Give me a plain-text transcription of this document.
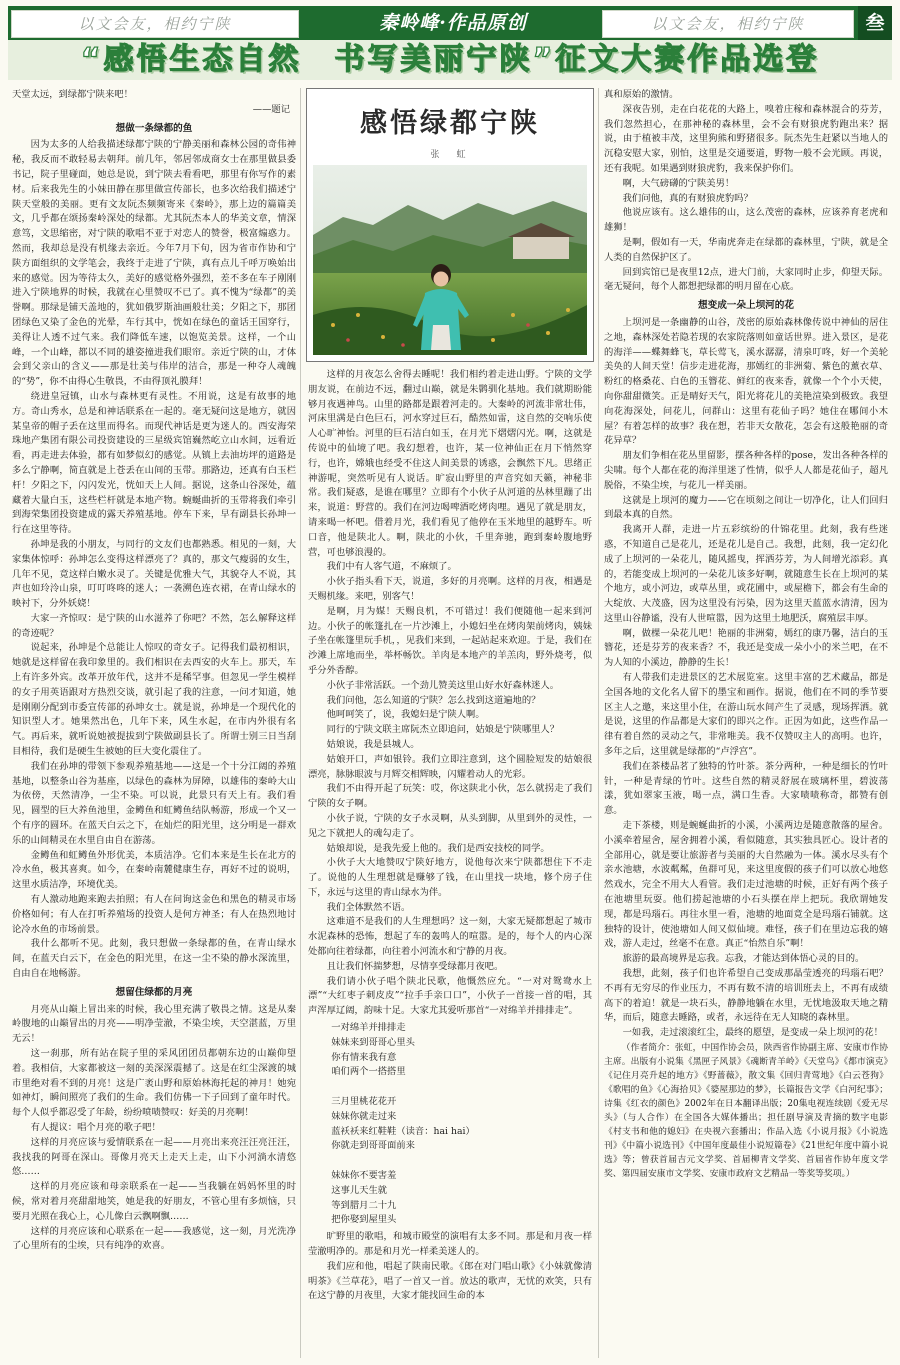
以文会友，相约宁陕	秦岭峰·作品原创	以文会友，相约宁陕	叁
“感悟生态自然　书写美丽宁陕”征文大赛作品选登

天堂太远，到绿都宁陕来吧！

——题记
想做一条绿都的鱼

因为太多的人给我描述绿都宁陕的宁静美丽和森林公园的奇伟神秘，我反而不敢轻易去朝拜。前几年，邻居邻成商女士在那里做县委书记，院子里碰面，她总是说，到宁陕去看看吧，那里有你写作的素材。后来我先生的小妹田静在那里做宣传部长，也多次给我们描述宁陕天堂般的美丽。更有文友阮杰频频寄来《秦岭》，那上边的篇篇美文，几乎都在颂扬秦岭深处的绿都。尤其阮杰本人的华美文章，情深意笃，文思缩密，对宁陕的歌唱不亚于对恋人的赞誉，极富煽惑力。然而，我却总是没有机缘去亲近。今年7月下旬，因为省市作协和宁陕方面组织的文学笔会，我终于走进了宁陕，真有点儿千呼万唤始出来的感觉。因为等待太久，美好的感觉格外强烈，差不多在车子刚刚进入宁陕地界的时候，我就在心里赞叹不已了。真不愧为“绿都”的美誉啊。那绿是铺天盖地的，犹如俄罗斯油画般壮美；夕阳之下，那团团绿色又染了金色的光晕，车行其中，恍如在绿色的童话王国穿行，美得让人透不过气来。我们降低车速，以饱览美景。这样，一个山峰，一个山峰，都以不同的雄姿撞进我们眼帘。亲近宁陕的山，才体会到父亲山的含义——那是壮美与伟岸的洁合，那是一种夺人魂魄的“势”，你不由得心生敬畏，不由得顶礼膜拜！

绕进皇冠镇，山水与森林更有灵性。不用说，这是有故事的地方。奇山秀水，总是和神话联系在一起的。毫无疑问这是地方，就因某皇帝的帽子丢在这里而得名。而现代神话是更为迷人的。西安海荣珠地产集团有限公司投资建设的三星级宾馆巍然屹立山水间，远看近看，再走进去体验，都有如梦似幻的感觉。从镇上去油坊坪的道路是多么宁静啊，简直就是上苍丢在山间的玉带。那路边，还真有白玉栏杆！夕阳之下，闪闪发光，恍如天上人间。据说，这条山谷深处，蕴藏着大量白玉，这些栏杆就是本地产物。蜿蜒曲折的玉带将我们牵引到海荣集团投资建成的露天养殖基地。停车下来，早有副县长孙坤一行在这里等待。

孙坤是我的小朋友，与同行的文友们也都熟悉。相见的一刻，大家集体惊呼：孙坤怎么变得这样漂亮了？真的，那文气瘦弱的女生，几年不见，竟这样白嫩水灵了。关键是优雅大气，其貌夺人不说，其声也如玲泠山泉，叮叮咚咚的迷人；一袭溯色连衣裙，在青山绿水的映衬下，分外妖娆！

大家一齐惊叹：是宁陕的山水滋养了你吧？不然，怎么解释这样的奇迹呢？

说起来，孙坤是个总能让人惊叹的奇女子。记得我们最初相识，她就是这样留在我印象里的。我们相识在去西安的火车上。那天，车上有许多外宾。改革开放年代，这并不是稀罕事。但忽见一学生模样的女子用英语跟对方热烈交谈，就引起了我的注意，一问才知道，她是刚刚分配到市委宣传部的孙坤女士。就是说，孙坤是一个现代化的知识型人才。她果然出色，几年下来，风生水起，在市内外很有名气。再后来，就听说她被提拔到宁陕做副县长了。所谓士别三日当刮目相待，我们是硬生生被她的巨大变化震住了。

我们在孙坤的带领下参观养殖基地——这是一个十分江阔的养殖基地，以整条山谷为基座，以绿色的森林为屏障，以雄伟的秦岭大山为依傍，天然清净，一尘不染。可以说，此景只有天上有。我们看见，圆型的巨大养鱼池里，金鳟鱼和虹鳟鱼结队畅游，形成一个又一个有序的圆环。在蓝天白云之下，在灿烂的阳光里，这分明是一群欢乐的山间精灵在水里自由自在游荡。

金鳟鱼和虹鳟鱼外形优美，本质洁净。它们本来是生长在北方的冷水鱼，极其喜爽。如今，在秦岭南麓健康生存，再好不过的说明，这里水质洁净，环境优美。

有人激动地跑来跑去拍照；有人在问询这金色和黑色的精灵市场价格如何；有人在打听养殖场的投资人是何方神圣；有人在热烈地讨论冷水鱼的市场前景。

我什么都听不见。此刻，我只想做一条绿都的鱼，在青山绿水间，在蓝天白云下，在金色的阳光里，在这一尘不染的静水深流里，自由自在地畅游。

想留住绿都的月亮

月亮从山巅上冒出来的时候，我心里充满了敬畏之情。这是从秦岭腹地的山巅冒出的月亮——明净莹澈，不染尘埃，天空湛蓝，万里无云！

这一刹那，所有站在院子里的采风团团员都朝东边的山巅仰望着。我相信，大家都被这一刻的美深深震撼了。这是在红尘深渡的城市里绝对看不到的月亮！这是广袤山野和原始林海托起的神月！她宛如神灯，瞬间照亮了我们的生命。我们仿佛一下子回到了童年时代。每个人似乎都忍受了年龄，纷纷喷啧赞叹：好美的月亮啊！

有人提议：唱个月亮的歌子吧！

这样的月亮应该与爱情联系在一起——月亮出来亮汪汪亮汪汪，我找我的阿哥在深山。哥像月亮天上走天上走，山下小河淌水清悠悠……

这样的月亮应该和母亲联系在一起——当我躺在妈妈怀里的时候，常对着月亮甜甜地笑，她是我的好朋友，不管心里有多烦恼，只要月光照在我心上，心儿像白云飘啊飘……

这样的月亮应该和心联系在一起——我感觉，这一刻，月光洗净了心里所有的尘埃，只有纯净的欢喜。

感悟绿都宁陕
张　虹

这样的月夜怎么舍得去睡呢！我们相约着走进山野。宁陕的文学朋友说，在前边不远，翻过山巅，就是朱鹮驯化基地。我们就期盼能够月夜遇神鸟。山里的路都是跟着河走的。大秦岭的河流非常壮伟，河床里满是白色巨石，河水穿过巨石，酷然如雷，这自然的交响乐使人心旷神怡。河里的巨石洁白如玉，在月光下熠熠闪光。啊，这就是传说中的仙境了吧。我幻想着，也许，某一位神仙正在月下悄然穿行，也许，嫦娥也经受不住这人间美景的诱惑，会飘然下凡。思绪正神游呢，突然听见有人说话。旷寂山野里的声音究如天籁，神秘非常。我们疑惑，是谁在哪里？立即有个小伙子从河道的丛林里蹦了出来，说道：野营的。我们在河边喝啤酒吃烤肉哩。遇见了就是朋友，请来喝一杯吧。借着月光，我们看见了他停在玉米地里的越野车。听口音，他是陕北人。啊，陕北的小伙，千里奔驰，跑到秦岭腹地野营，可也够浪漫的。

我们中有人客气道，不麻烦了。

小伙子指头看下天，说道，多好的月亮啊。这样的月夜，相遇是天赐机缘。来吧，别客气！

是啊，月为媒！天赐良机，不可错过！我们便随他一起来到河边。小伙子的帐篷扎在一片沙滩上，小媳妇坐在烤肉架前烤肉，姨妹子坐在帐篷里玩手机，，见我们来到，一起站起来欢迎。于是，我们在沙滩上席地而坐，举杯畅饮。羊肉是本地产的羊羔肉，野外烧考，似乎分外香醇。

小伙子非常活跃。一个劲儿赞美这里山好水好森林迷人。

我们问他，怎么知道的宁陕？怎么找到这道遍地的？

他呵呵笑了，说，我媳妇是宁陕人啊。

同行的宁陕文联主席阮杰立即追问，姑娘是宁陕哪里人？

姑娘说，我是县城人。

姑娘开口，声如银铃。我们立即注意到，这个圆脸短发的姑娘很漂亮，脉脉眼波与月辉交相辉映，闪耀着动人的光彩。

我们不由得开起了玩笑：哎，你这陕北小伙，怎么就拐走了我们宁陕的女子啊。

小伙子说，宁陕的女子水灵啊，从头到脚，从里到外的灵性，一见之下就把人的魂勾走了。

姑娘却说，是我先爱上他的。我们是西安技校的同学。

小伙子大大地赞叹宁陕好地方，说他每次来宁陕都想住下不走了。说他的人生理想就是赚够了钱，在山里找一块地，修个房子住下，永远与这里的青山绿水为伴。

我们全体默然不语。

这难道不是我们的人生理想吗？这一刻，大家无疑都想起了城市水泥森林的恐怖，想起了车的轰鸣人的喧嚣。是的，每个人的内心深处都向往着绿都，向往着小河流水和宁静的月夜。

且让我们怀揣梦想，尽情享受绿都月夜吧。

我们请小伙子唱个陕北民歌，他慨然应允。“一对对鸳鸯水上漂”“大红枣子刺皮皮”“拉手手亲口口”，小伙子一首接一首的唱，其声浑厚辽阔，韵味十足。大家尤其爱听那首“一对绵羊并排排走”。

一对绵羊并排排走
妹妹来到哥哥心里头
你有情来我有意
咱们两个一搭搭里
三月里桃花花开
妹妹你就走过来
蓝袄袄来红鞋鞋（读音：hai hai）
你就走到哥哥面前来
妹妹你不要害羞
这事儿天生就
等到腊月二十九
把你娶到屋里头

旷野里的歌唱，和城市殿堂的演唱有太多不同。那是和月夜一样莹澈明净的。那是和月光一样柔美迷人的。

我们应和他，唱起了陕南民歌。《郎在对门唱山歌》《小妹就像清明茶》《兰草花》，唱了一首又一首。放达的歌声，无忧的欢笑，只有在这宁静的月夜里，大家才能找回生命的本

真和原始的激情。

深夜告别，走在白花花的大路上，嗅着庄稼和森林混合的芬芳，我们忽然担心，在那神秘的森林里，会不会有财狼虎豹跑出来？据说，由于植被丰茂，这里狗熊和野猪很多。阮杰先生赶紧以当地人的沉稳安慰大家，别怕，这里是交通要道，野物一般不会光顾。再说，还有我呢。如果遇到财狼虎豹，我来保护你们。

啊，大气磅礴的宁陕美男！

我们问他，真的有财狼虎豹吗？

他说应该有。这么雄伟的山，这么茂密的森林，应该养育老虎和雄狮！

是啊，假如有一天，华南虎奔走在绿都的森林里，宁陕，就是全人类的自然保护区了。

回到宾馆已是夜里12点，进大门前，大家同时止步，仰望天际。毫无疑问，每个人都想把绿都的明月留在心底。

想变成一朵上坝河的花

上坝河是一条幽静的山谷，茂密的原始森林像传说中神仙的居住之地，森林深处若隐若现的农家院落则如童话世界。进入景区，是花的海洋——蝶舞蜂飞，草长莺飞，溪水潺潺，清泉叮咚，好一个美轮美奂的人间天堂！信步走进花海，那嫣红的非洲菊、紫色的薰衣草、粉红的格桑花、白色的玉簪花、鲜红的夜来香，就像一个个小天使，向你甜甜微笑。正是晴好天气，阳光将花儿的美艳渲染到极致。我望向花海深处，问花儿，问群山：这里有花仙子吗？她住在哪间小木屋？有着怎样的故事？我在想，若非天女散花，怎会有这般艳丽的奇花异草？

朋友们争相在花丛里留影，摆各种各样的pose，发出各种各样的尖啸。每个人都在花的海洋里迷了性情，似乎人人都是花仙子，超凡脱俗，不染尘埃，与花儿一样美丽。

这就是上坝河的魔力——它在顷刻之间让一切净化，让人们回归到最本真的自然。

我离开人群，走进一片五彩缤纷的什锦花里。此刻，我有些迷惑，不知道自己是花儿，还是花儿是自己。我想，此刻，我一定幻化成了上坝河的一朵花儿，随风摇曳，挥洒芬芳，为人间增光添彩。真的，若能变成上坝河的一朵花儿该多好啊，就随意生长在上坝河的某个地方，或小河边，或草丛里，或花圃中，或屋檐下，都会有生命的大绽放、大茂盛，因为这里没有污染，因为这里天蓝蓝水清清，因为这里山谷静谧，没有人世喧嚣，因为这里土地肥沃，腐殖层丰厚。

啊，做棵一朵花儿吧！艳丽的非洲菊，嫣红的康乃馨，洁白的玉簪花，还是芬芳的夜来香？不，我还是变成一朵小小的米兰吧，在不为人知的小溪边，静静的生长！

有人带我们走进景区的艺术展览室。这里丰富的艺术藏品，都是全国各地的文化名人留下的墨宝和画作。据说，他们在不同的季节要区主人之邀，来这里小住，在游山玩水间产生了灵感，现场挥洒。就是说，这里的作品都是大家们的即兴之作。正因为如此，这些作品一律有着自然的灵动之气，非常唯美。我不仅赞叹主人的高明。也许，多年之后，这里就是绿都的“卢浮宫”。

我们在茶楼品茗了独特的竹叶茶。茶分两种，一种是细长的竹叶针，一种是青绿的竹叶。这些自然的精灵舒展在玻璃杯里，碧波荡漾，犹如翠家玉液，喝一点，满口生香。大家啧啧称奇，都赞有创意。

走下茶楼，则是蜿蜒曲折的小溪，小溪两边是随意散落的屋舍。小溪牵着屋舍，屋舍拥着小溪，看似随意，其实独具匠心。设计者的全部用心，就是要让旅游者与美丽的大自然融为一体。溪水尽头有个亲水池塘，水波粼粼，鱼群可见，来这里度假的孩子们可以放心地悠然戏水，完全不用大人看管。我们走过池塘的时候，正好有两个孩子在池塘里玩耍。他们捞起池塘的小石头摆在岸上把玩。我欣谓她发现，都是玛瑙石。再往水里一看，池塘的地面竟全是玛瑙石铺就。这独特的设计，使池塘如人间又似仙境。难怪，孩子们在里边忘我的嬉戏，游人走过，丝毫不在意。真正“怡然自乐”啊！

旅游的最高境界是忘我。忘我，才能达到体悟心灵的目的。

我想，此刻，孩子们也许希望自己变成那晶莹透亮的玛瑙石吧？不再有无穷尽的作业压力，不再有数不清的培训班去上，不再有成绩高下的着迫！就是一块石头，静静地躺在水里，无忧地汲取天地之精华，而后，随意去睡路，或者，永远待在无人知晓的森林里。

一如我，走过滚滚红尘，最终的愿望，是变成一朵上坝河的花！

（作者简介：张虹，中国作协会员，陕西省作协副主席、安康市作协主席。出版有小说集《黑匣子风景》《魂断青羊岭》《天堂鸟》《都市演克》《记住月亮升起的地方》《野蔷薇》，散文集《回归青莺地》《白云苍狗》《歌唱的鱼》《心海拾贝》《婆屋那边的梦》，长篇报告文学《白河纪事》；诗集《红衣的颜色》2002年在日本翻译出版；20集电视连续剧《爱无尽头》（与人合作）在全国各大媒体播出；担任剧导演及青摘的数字电影《村支书和他的媳妇》在央视六套播出；作品入选《小说月报》《小说选刊》《中篇小说选刊》《中国年度最佳小说短篇卷》《21世纪年度中篇小说选》等；曾获首届吉元文学奖、首届柳青文学奖、首届省作协年度文学奖、第四届安康市文学奖、安康市政府文艺精品一等奖等奖项。）
